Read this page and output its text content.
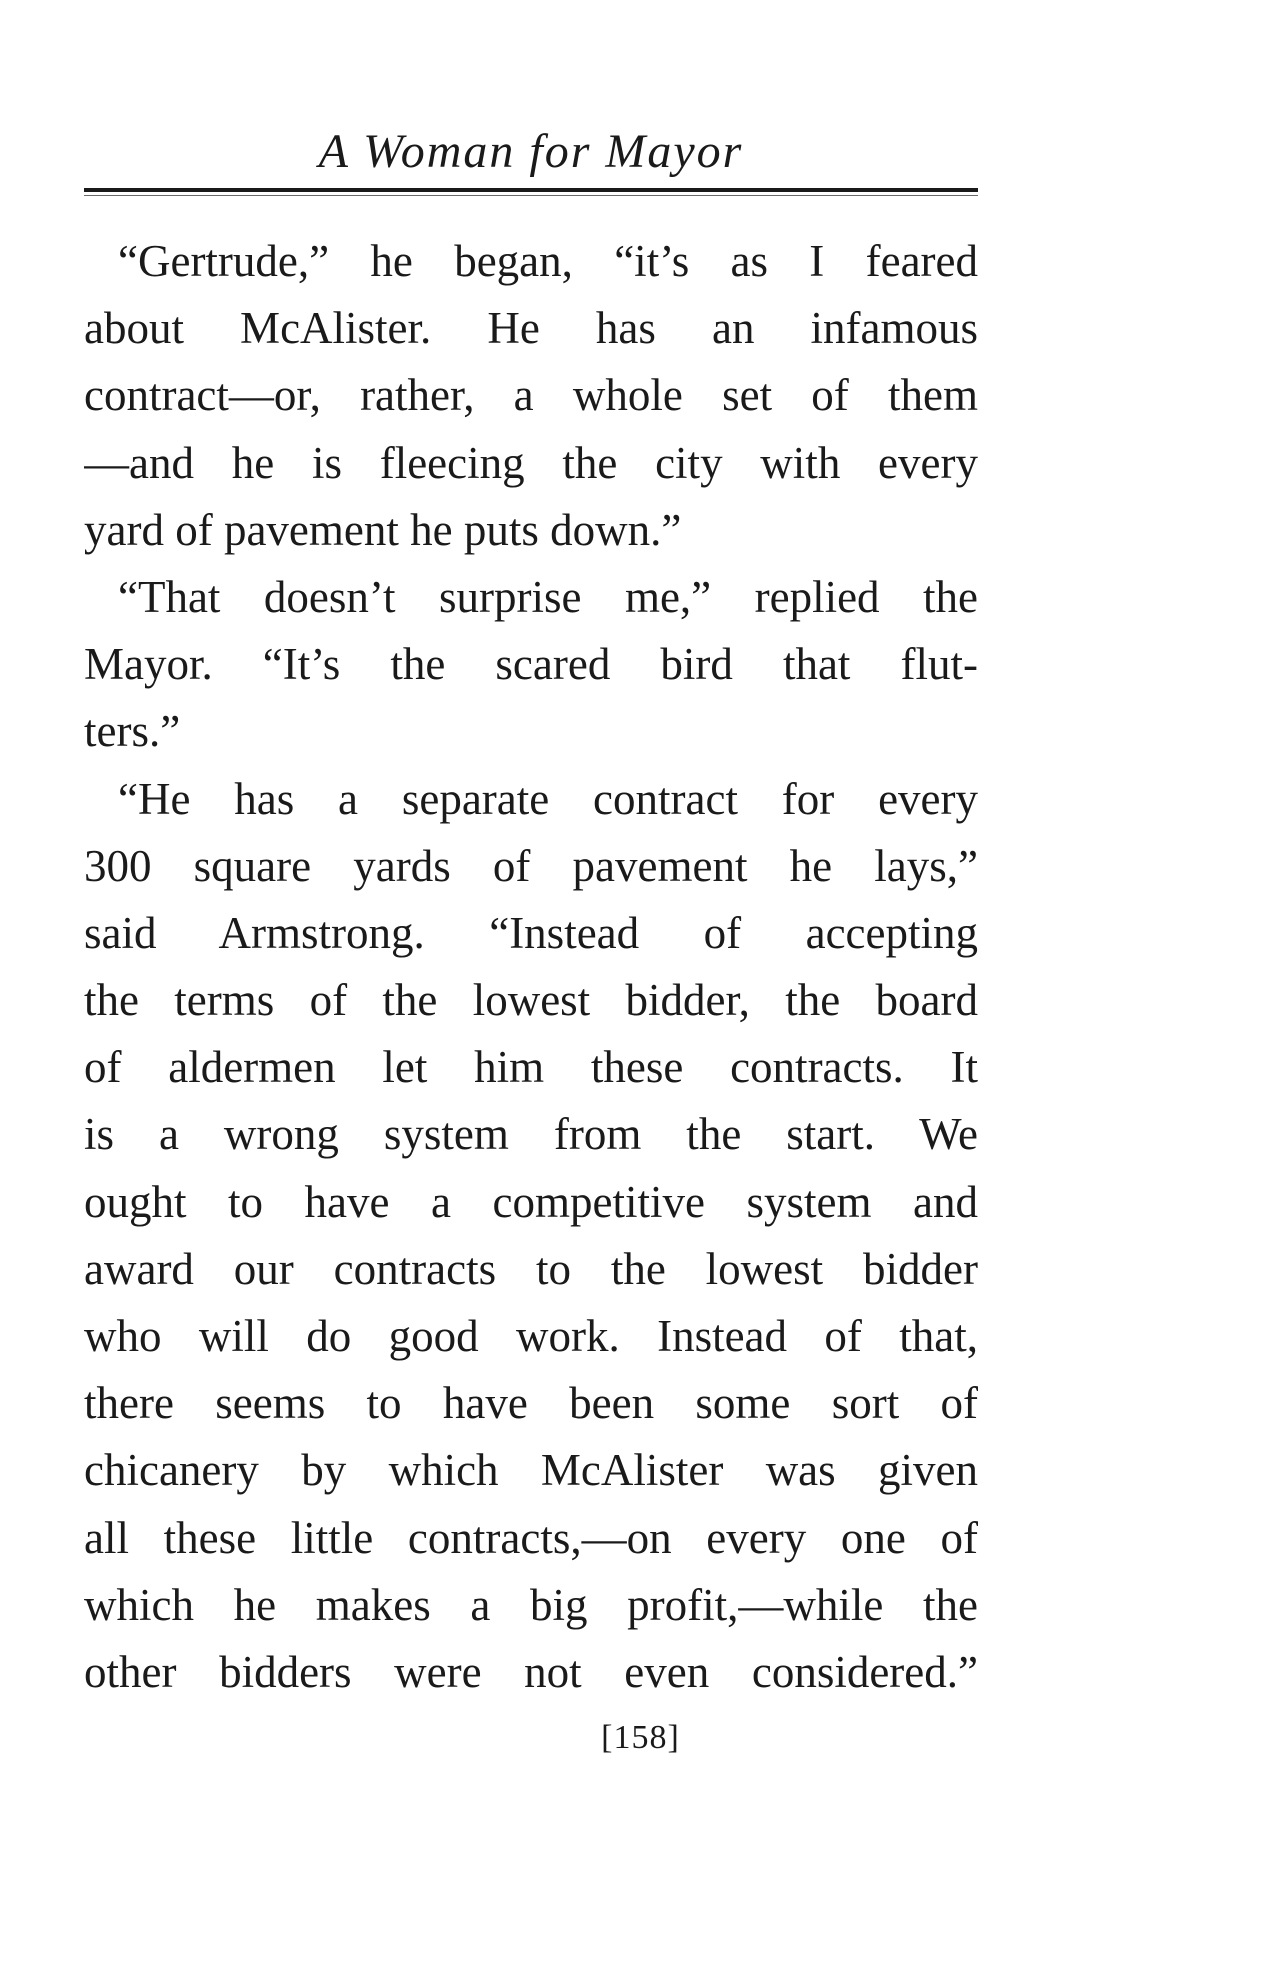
A Woman for Mayor
“Gertrude,” he began, “it’s as I feared
about McAlister. He has an infamous
contract—or, rather, a whole set of them
—and he is fleecing the city with every
yard of pavement he puts down.”
“That doesn’t surprise me,” replied the
Mayor. “It’s the scared bird that flut-
ters.”
“He has a separate contract for every
300 square yards of pavement he lays,”
said Armstrong. “Instead of accepting
the terms of the lowest bidder, the board
of aldermen let him these contracts. It
is a wrong system from the start. We
ought to have a competitive system and
award our contracts to the lowest bidder
who will do good work. Instead of that,
there seems to have been some sort of
chicanery by which McAlister was given
all these little contracts,—on every one of
which he makes a big profit,—while the
other bidders were not even considered.”
[158]
